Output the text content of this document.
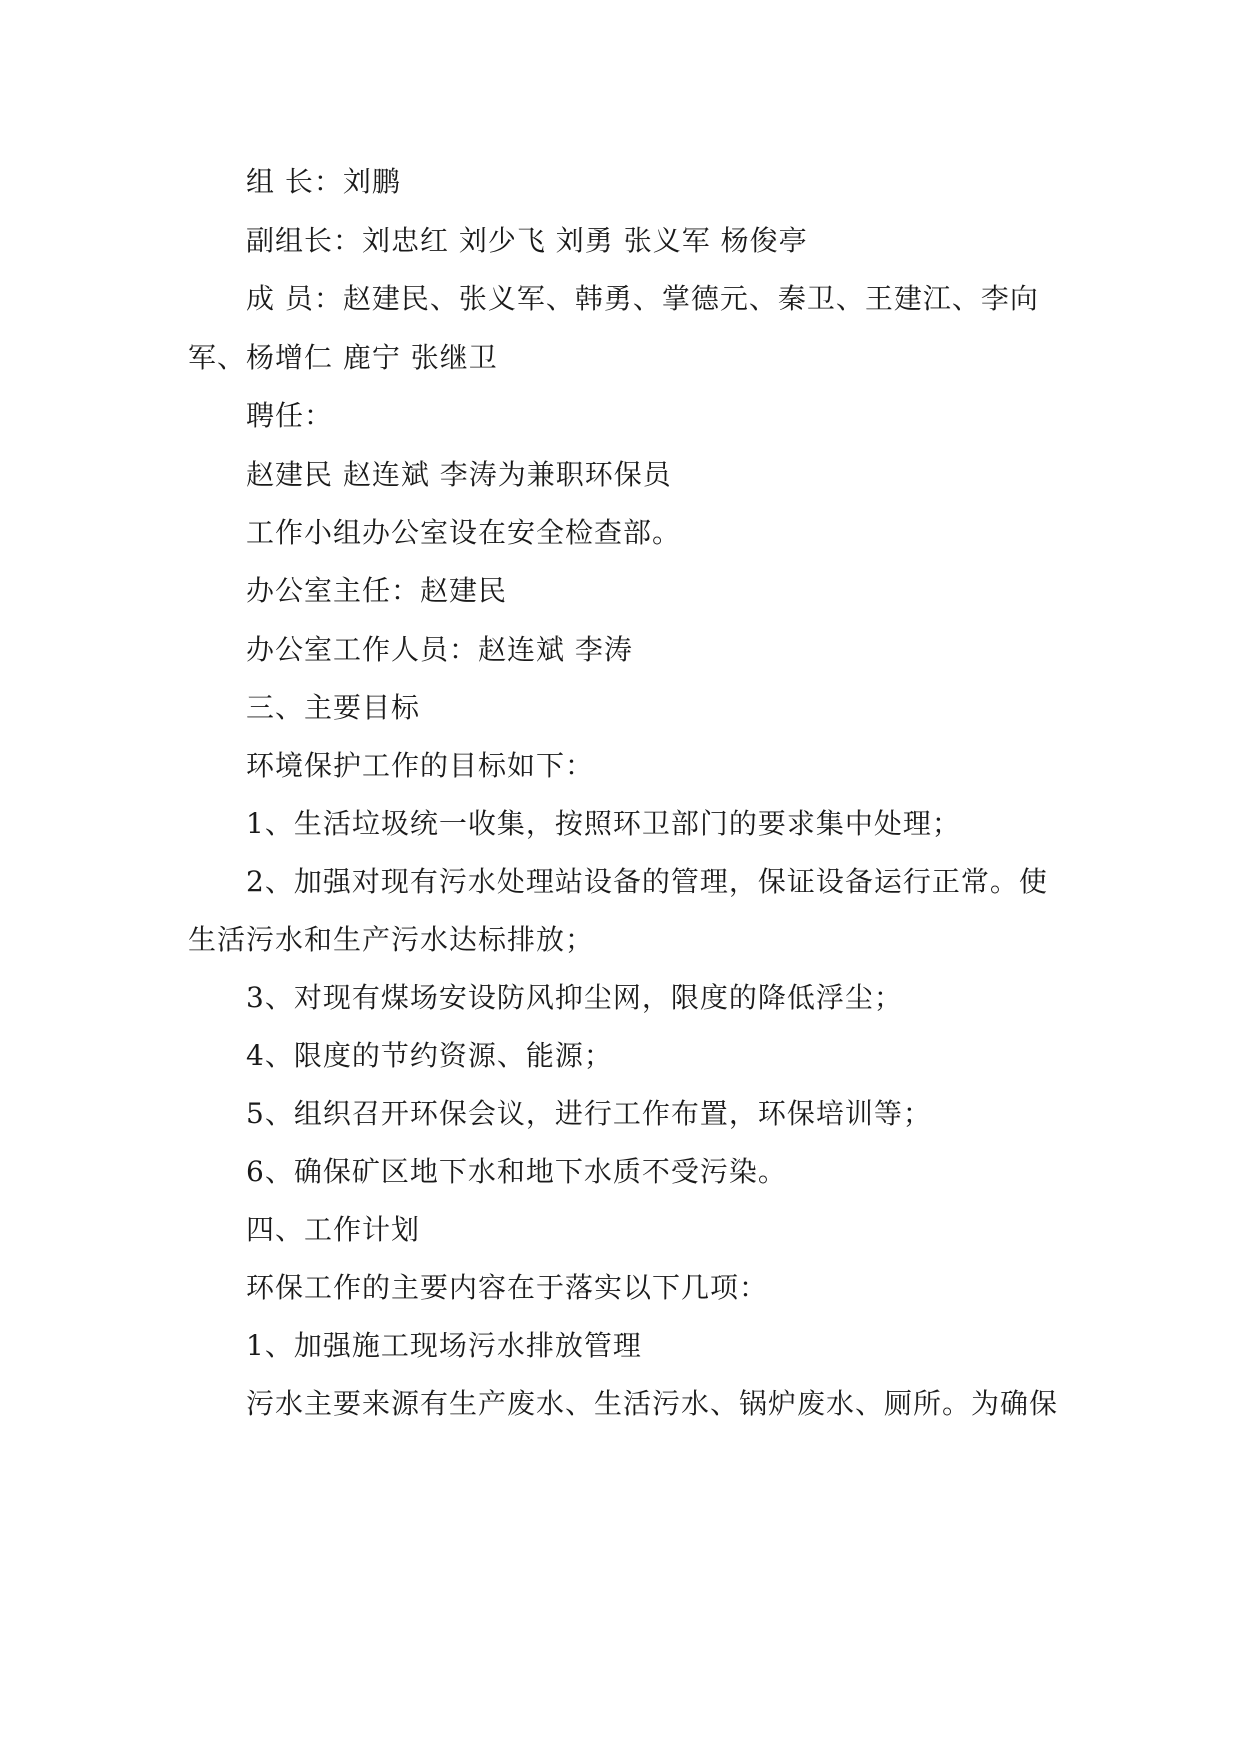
组 长：刘鹏
副组长：刘忠红 刘少飞 刘勇 张义军 杨俊亭
成 员：赵建民、张义军、韩勇、掌德元、秦卫、王建江、李向
军、杨增仁 鹿宁 张继卫
聘任：
赵建民 赵连斌 李涛为兼职环保员
工作小组办公室设在安全检查部。
办公室主任：赵建民
办公室工作人员：赵连斌 李涛
三、主要目标
环境保护工作的目标如下：
1、生活垃圾统一收集，按照环卫部门的要求集中处理；
2、加强对现有污水处理站设备的管理，保证设备运行正常。使
生活污水和生产污水达标排放；
3、对现有煤场安设防风抑尘网，限度的降低浮尘；
4、限度的节约资源、能源；
5、组织召开环保会议，进行工作布置，环保培训等；
6、确保矿区地下水和地下水质不受污染。
四、工作计划
环保工作的主要内容在于落实以下几项：
1、加强施工现场污水排放管理
污水主要来源有生产废水、生活污水、锅炉废水、厕所。为确保
